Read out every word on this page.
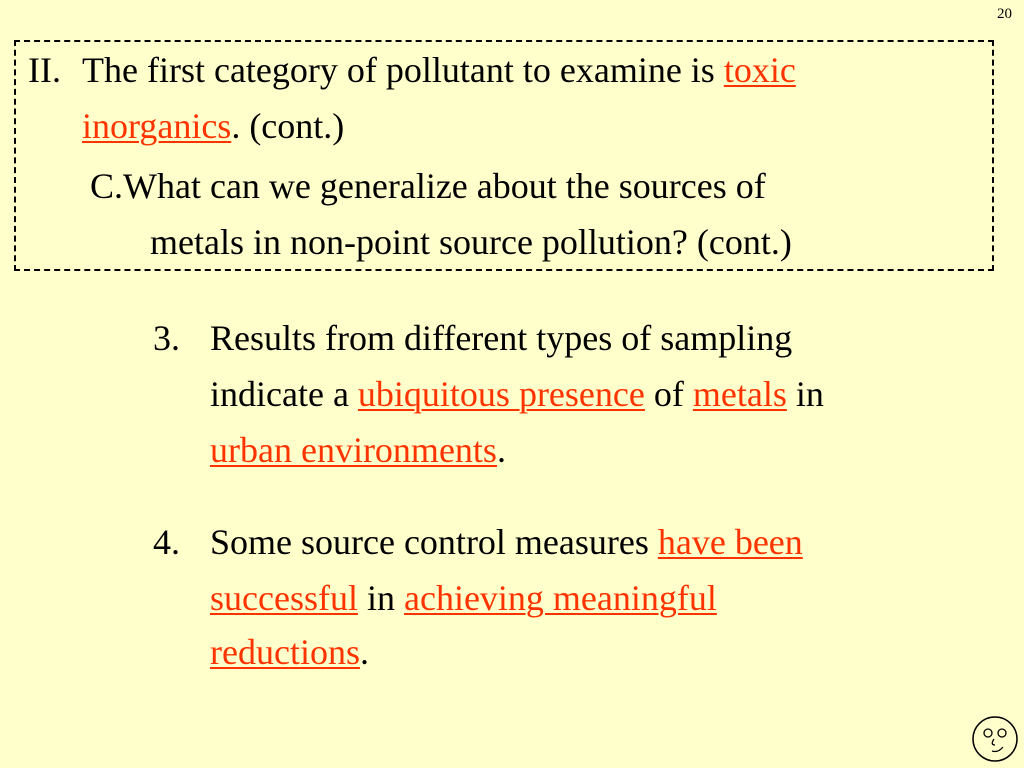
20
II. The first category of pollutant to examine is toxic
inorganics. (cont.)
C.What can we generalize about the sources of
metals in non-point source pollution? (cont.)
3. Results from different types of sampling
indicate a ubiquitous presence of metals in
urban environments.
4. Some source control measures have been
successful in achieving meaningful
reductions.
